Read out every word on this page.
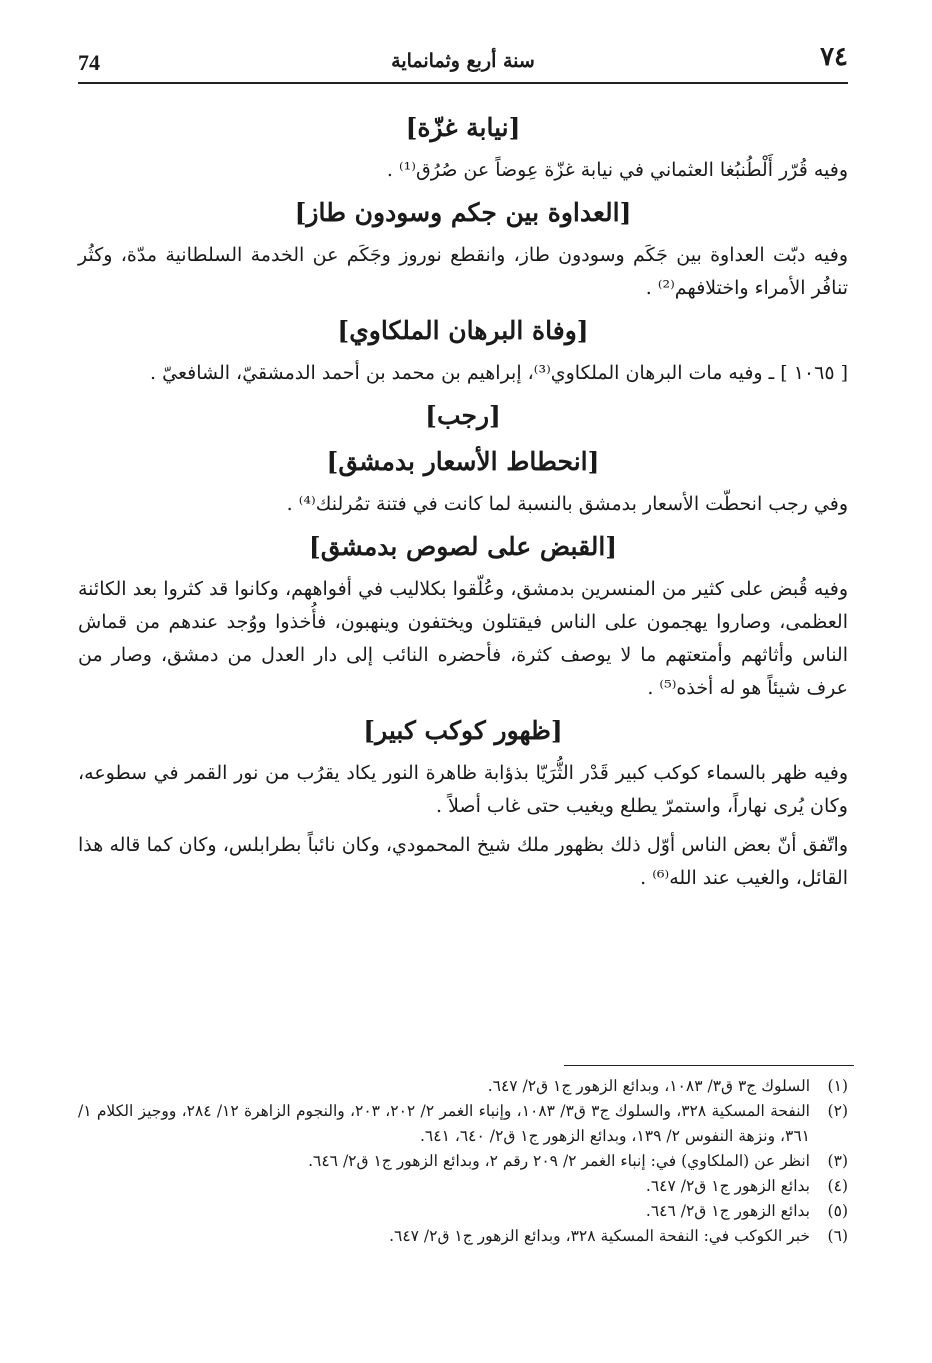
74	سنة أربع وثمانماية	٧٤
[نيابة غزّة]

وفيه قُرّر أَلْطُنبُغا العثماني في نيابة غزّة عِوضاً عن صُرُق⁽¹⁾ .

[العداوة بين جكم وسودون طاز]

وفيه دبّت العداوة بين جَكَم وسودون طاز، وانقطع نوروز وجَكَم عن الخدمة السلطانية مدّة، وكثُر تنافُر الأمراء واختلافهم⁽²⁾ .

[وفاة البرهان الملكاوي]

[ ١٠٦٥ ] ـ وفيه مات البرهان الملكاوي⁽³⁾، إبراهيم بن محمد بن أحمد الدمشقيّ، الشافعيّ .

[رجب]
[انحطاط الأسعار بدمشق]

وفي رجب انحطّت الأسعار بدمشق بالنسبة لما كانت في فتنة تمُرلنك⁽⁴⁾ .

[القبض على لصوص بدمشق]

وفيه قُبض على كثير من المنسرين بدمشق، وعُلّقوا بكلاليب في أفواههم، وكانوا قد كثروا بعد الكائنة العظمى، وصاروا يهجمون على الناس فيقتلون ويختفون وينهبون، فأُخذوا ووُجد عندهم من قماش الناس وأثاثهم وأمتعتهم ما لا يوصف كثرة، فأحضره النائب إلى دار العدل من دمشق، وصار من عرف شيئاً هو له أخذه⁽⁵⁾ .

[ظهور كوكب كبير]

وفيه ظهر بالسماء كوكب كبير قَدْر الثُّرَيّا بذؤابة ظاهرة النور يكاد يقرُب من نور القمر في سطوعه، وكان يُرى نهاراً، واستمرّ يطلع ويغيب حتى غاب أصلاً .

واتّفق أنّ بعض الناس أوّل ذلك بظهور ملك شيخ المحمودي، وكان نائباً بطرابلس، وكان كما قاله هذا القائل، والغيب عند الله⁽⁶⁾ .

(١)
السلوك ج٣ ق٣/ ١٠٨٣، وبدائع الزهور ج١ ق٢/ ٦٤٧.
(٢)
النفحة المسكية ٣٢٨، والسلوك ج٣ ق٣/ ١٠٨٣، وإنباء الغمر ٢/ ٢٠٢، ٢٠٣، والنجوم الزاهرة ١٢/ ٢٨٤، ووجيز الكلام ١/ ٣٦١، ونزهة النفوس ٢/ ١٣٩، وبدائع الزهور ج١ ق٢/ ٦٤٠، ٦٤١.
(٣)
انظر عن (الملكاوي) في: إنباء الغمر ٢/ ٢٠٩ رقم ٢، وبدائع الزهور ج١ ق٢/ ٦٤٦.
(٤)
بدائع الزهور ج١ ق٢/ ٦٤٧.
(٥)
بدائع الزهور ج١ ق٢/ ٦٤٦.
(٦)
خبر الكوكب في: النفحة المسكية ٣٢٨، وبدائع الزهور ج١ ق٢/ ٦٤٧.
